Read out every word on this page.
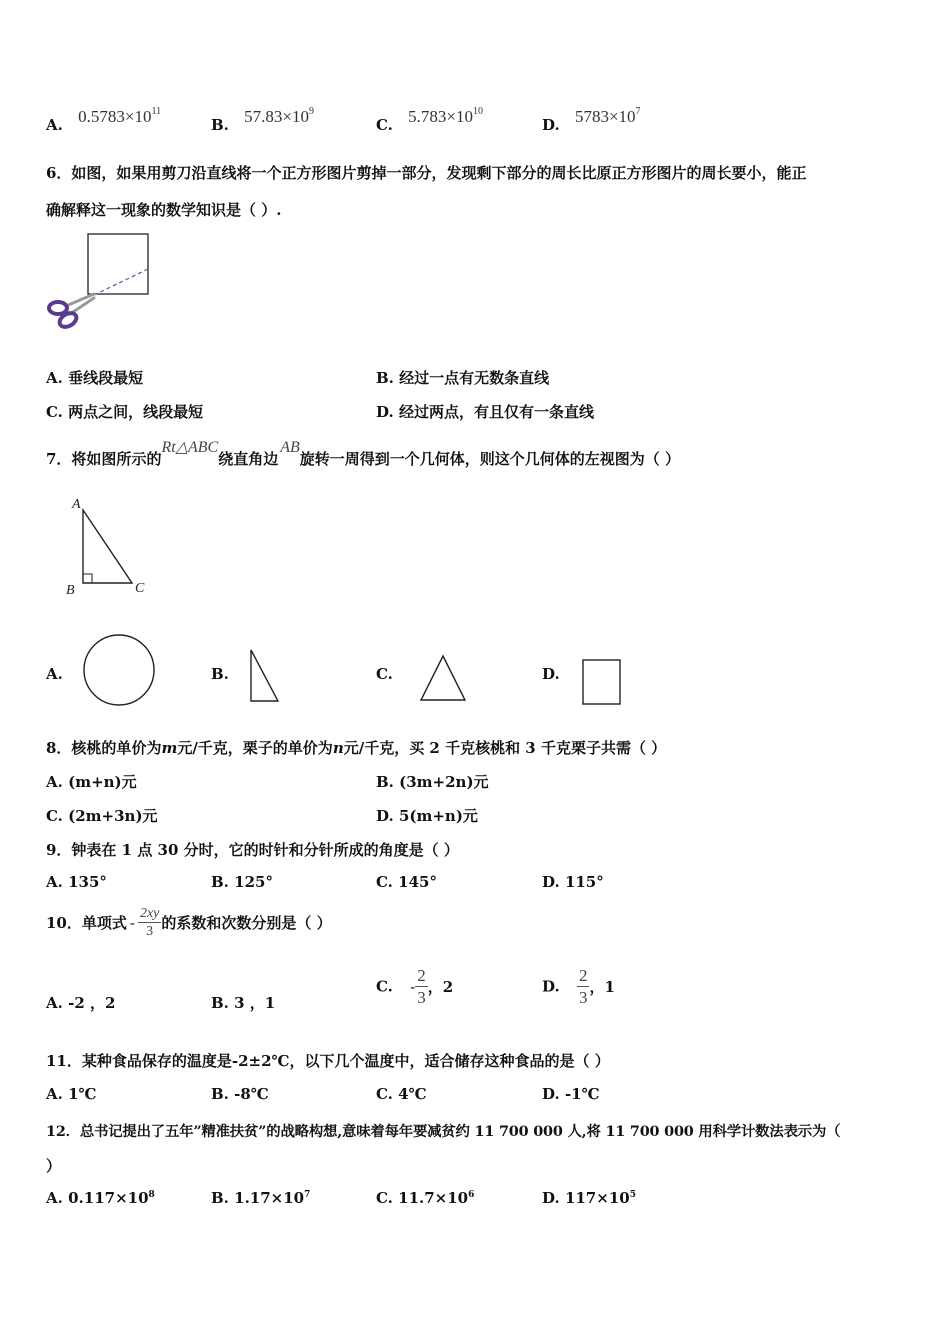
A. $0.5783\times 10^{11}$
B. $57.83\times 10^9$
C. $5.783\times 10^{10}$
D. $5783\times 10^7$
6．如图，如果用剪刀沿直线将一个正方形图片剪掉一部分，发现剩下部分的周长比原正方形图片的周长要小，能正
确解释这一现象的数学知识是（ ）.
A. 垂线段最短	B. 经过一点有无数条直线
C. 两点之间，线段最短	D. 经过两点，有且仅有一条直线
7．将如图所示的Rt△ABC绕直角边AB旋转一周得到一个几何体，则这个几何体的左视图为（ ）
A
B	C
A.	B.	C.	D.
8．核桃的单价为m元/千克，栗子的单价为n元/千克，买 2 千克核桃和 3 千克栗子共需（ ）
A. (m+n)元	B. (3m+2n)元
C. (2m+3n)元	D. 5(m+n)元
9．钟表在 1 点 30 分时，它的时针和分针所成的角度是（ ）
A. 135°	B. 125°	C. 145°	D. 115°
10．单项式 - $\frac{2xy}{3}$ 的系数和次数分别是（ ）
A. -2 ，2	B. 3 ，1
C. - $\frac{2}{3}$ ，2	D. $\frac{2}{3}$ ，1
11．某种食品保存的温度是-2±2℃，以下几个温度中，适合储存这种食品的是（ ）
A. 1℃	B. -8℃	C. 4℃	D. -1℃
12．总书记提出了五年”精准扶贫”的战略构想,意味着每年要减贫约 11 700 000 人,将 11 700 000 用科学计数法表示为（
）
A. $0.117\times 10^8$	B. $1.17\times 10^7$	C. $11.7\times 10^6$	D. $117\times 10^5$
